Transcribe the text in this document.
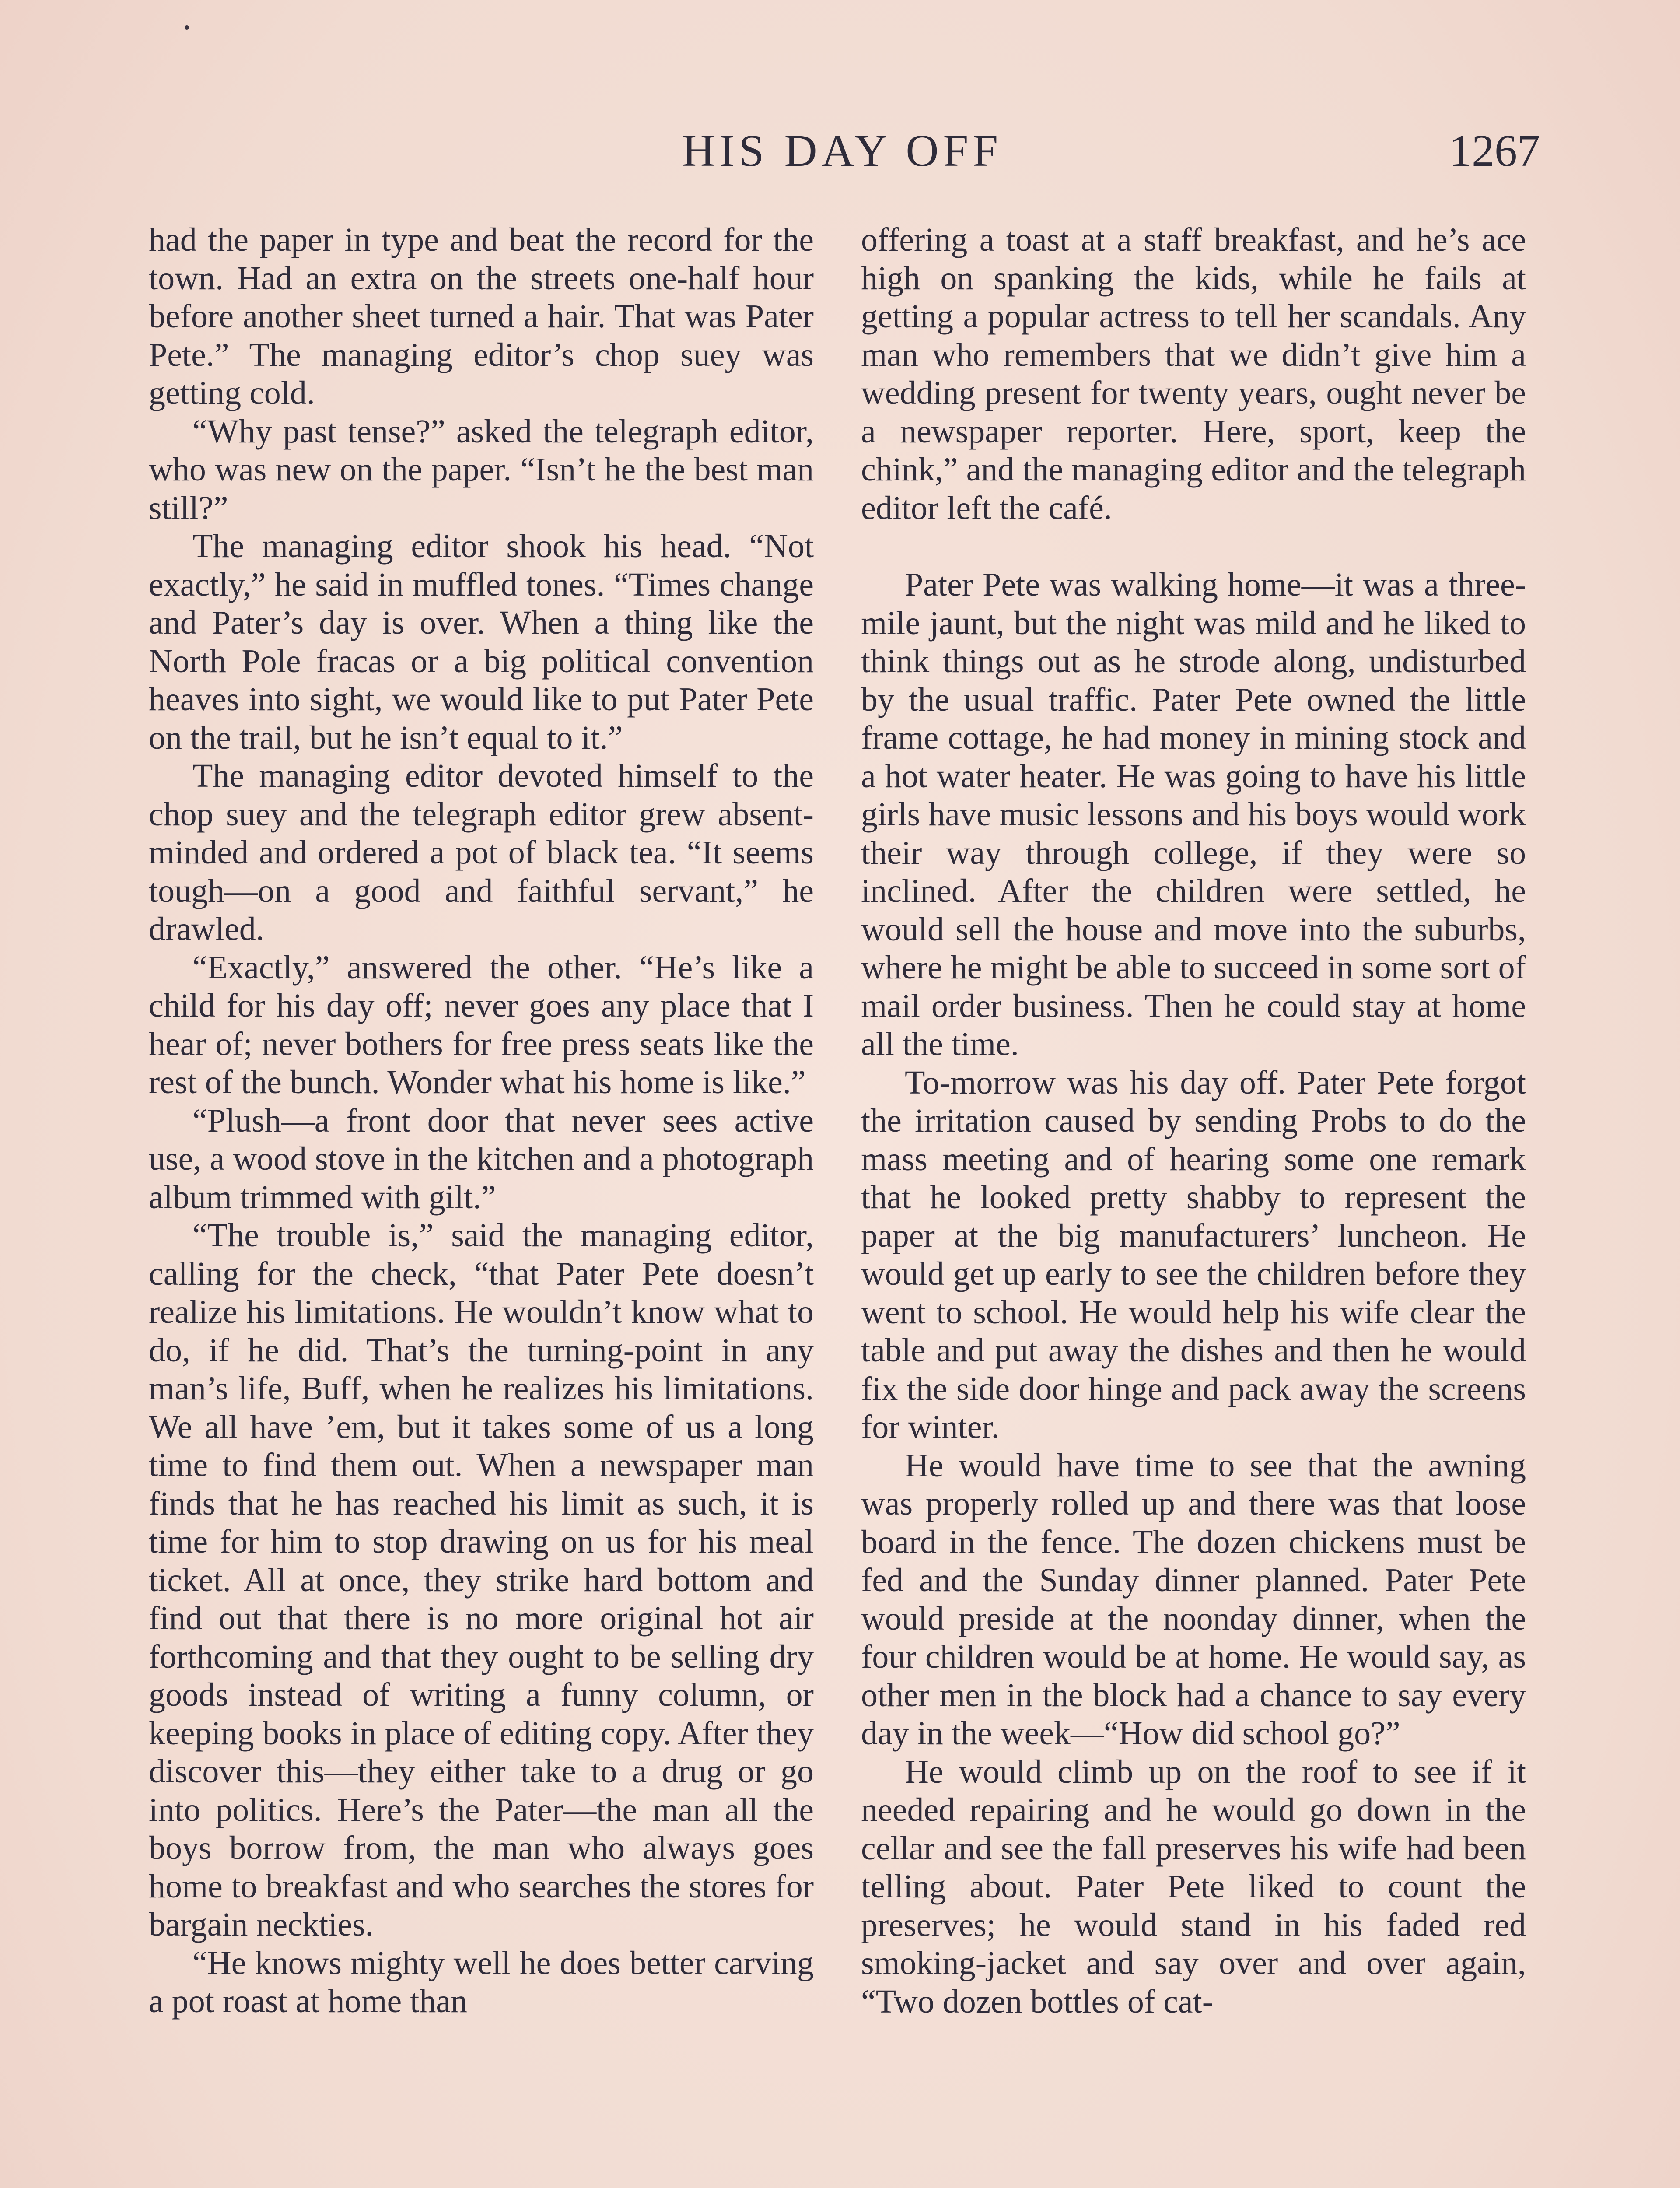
HIS DAY OFF	1267

had the paper in type and beat the record for the town. Had an extra on the streets one-half hour before another sheet turned a hair. That was Pater Pete.” The managing editor’s chop suey was getting cold.

“Why past tense?” asked the telegraph editor, who was new on the paper. “Isn’t he the best man still?”

The managing editor shook his head. “Not exactly,” he said in muffled tones. “Times change and Pater’s day is over. When a thing like the North Pole fracas or a big political convention heaves into sight, we would like to put Pater Pete on the trail, but he isn’t equal to it.”

The managing editor devoted himself to the chop suey and the telegraph editor grew absent-minded and ordered a pot of black tea. “It seems tough—on a good and faithful servant,” he drawled.

“Exactly,” answered the other. “He’s like a child for his day off; never goes any place that I hear of; never bothers for free press seats like the rest of the bunch. Wonder what his home is like.”

“Plush—a front door that never sees active use, a wood stove in the kitchen and a photograph album trimmed with gilt.”

“The trouble is,” said the managing editor, calling for the check, “that Pater Pete doesn’t realize his limitations. He wouldn’t know what to do, if he did. That’s the turning-point in any man’s life, Buff, when he realizes his limitations. We all have ’em, but it takes some of us a long time to find them out. When a newspaper man finds that he has reached his limit as such, it is time for him to stop drawing on us for his meal ticket. All at once, they strike hard bottom and find out that there is no more original hot air forthcoming and that they ought to be selling dry goods instead of writing a funny column, or keeping books in place of editing copy. After they discover this—they either take to a drug or go into politics. Here’s the Pater—the man all the boys borrow from, the man who always goes home to breakfast and who searches the stores for bargain neckties.

“He knows mighty well he does better carving a pot roast at home than

offering a toast at a staff breakfast, and he’s ace high on spanking the kids, while he fails at getting a popular actress to tell her scandals. Any man who remembers that we didn’t give him a wedding present for twenty years, ought never be a newspaper reporter. Here, sport, keep the chink,” and the managing editor and the telegraph editor left the café.

Pater Pete was walking home—it was a three-mile jaunt, but the night was mild and he liked to think things out as he strode along, undisturbed by the usual traffic. Pater Pete owned the little frame cottage, he had money in mining stock and a hot water heater. He was going to have his little girls have music lessons and his boys would work their way through college, if they were so inclined. After the children were settled, he would sell the house and move into the suburbs, where he might be able to succeed in some sort of mail order business. Then he could stay at home all the time.

To-morrow was his day off. Pater Pete forgot the irritation caused by sending Probs to do the mass meeting and of hearing some one remark that he looked pretty shabby to represent the paper at the big manufacturers’ luncheon. He would get up early to see the children before they went to school. He would help his wife clear the table and put away the dishes and then he would fix the side door hinge and pack away the screens for winter.

He would have time to see that the awning was properly rolled up and there was that loose board in the fence. The dozen chickens must be fed and the Sunday dinner planned. Pater Pete would preside at the noonday dinner, when the four children would be at home. He would say, as other men in the block had a chance to say every day in the week—“How did school go?”

He would climb up on the roof to see if it needed repairing and he would go down in the cellar and see the fall preserves his wife had been telling about. Pater Pete liked to count the preserves; he would stand in his faded red smoking-jacket and say over and over again, “Two dozen bottles of cat-
